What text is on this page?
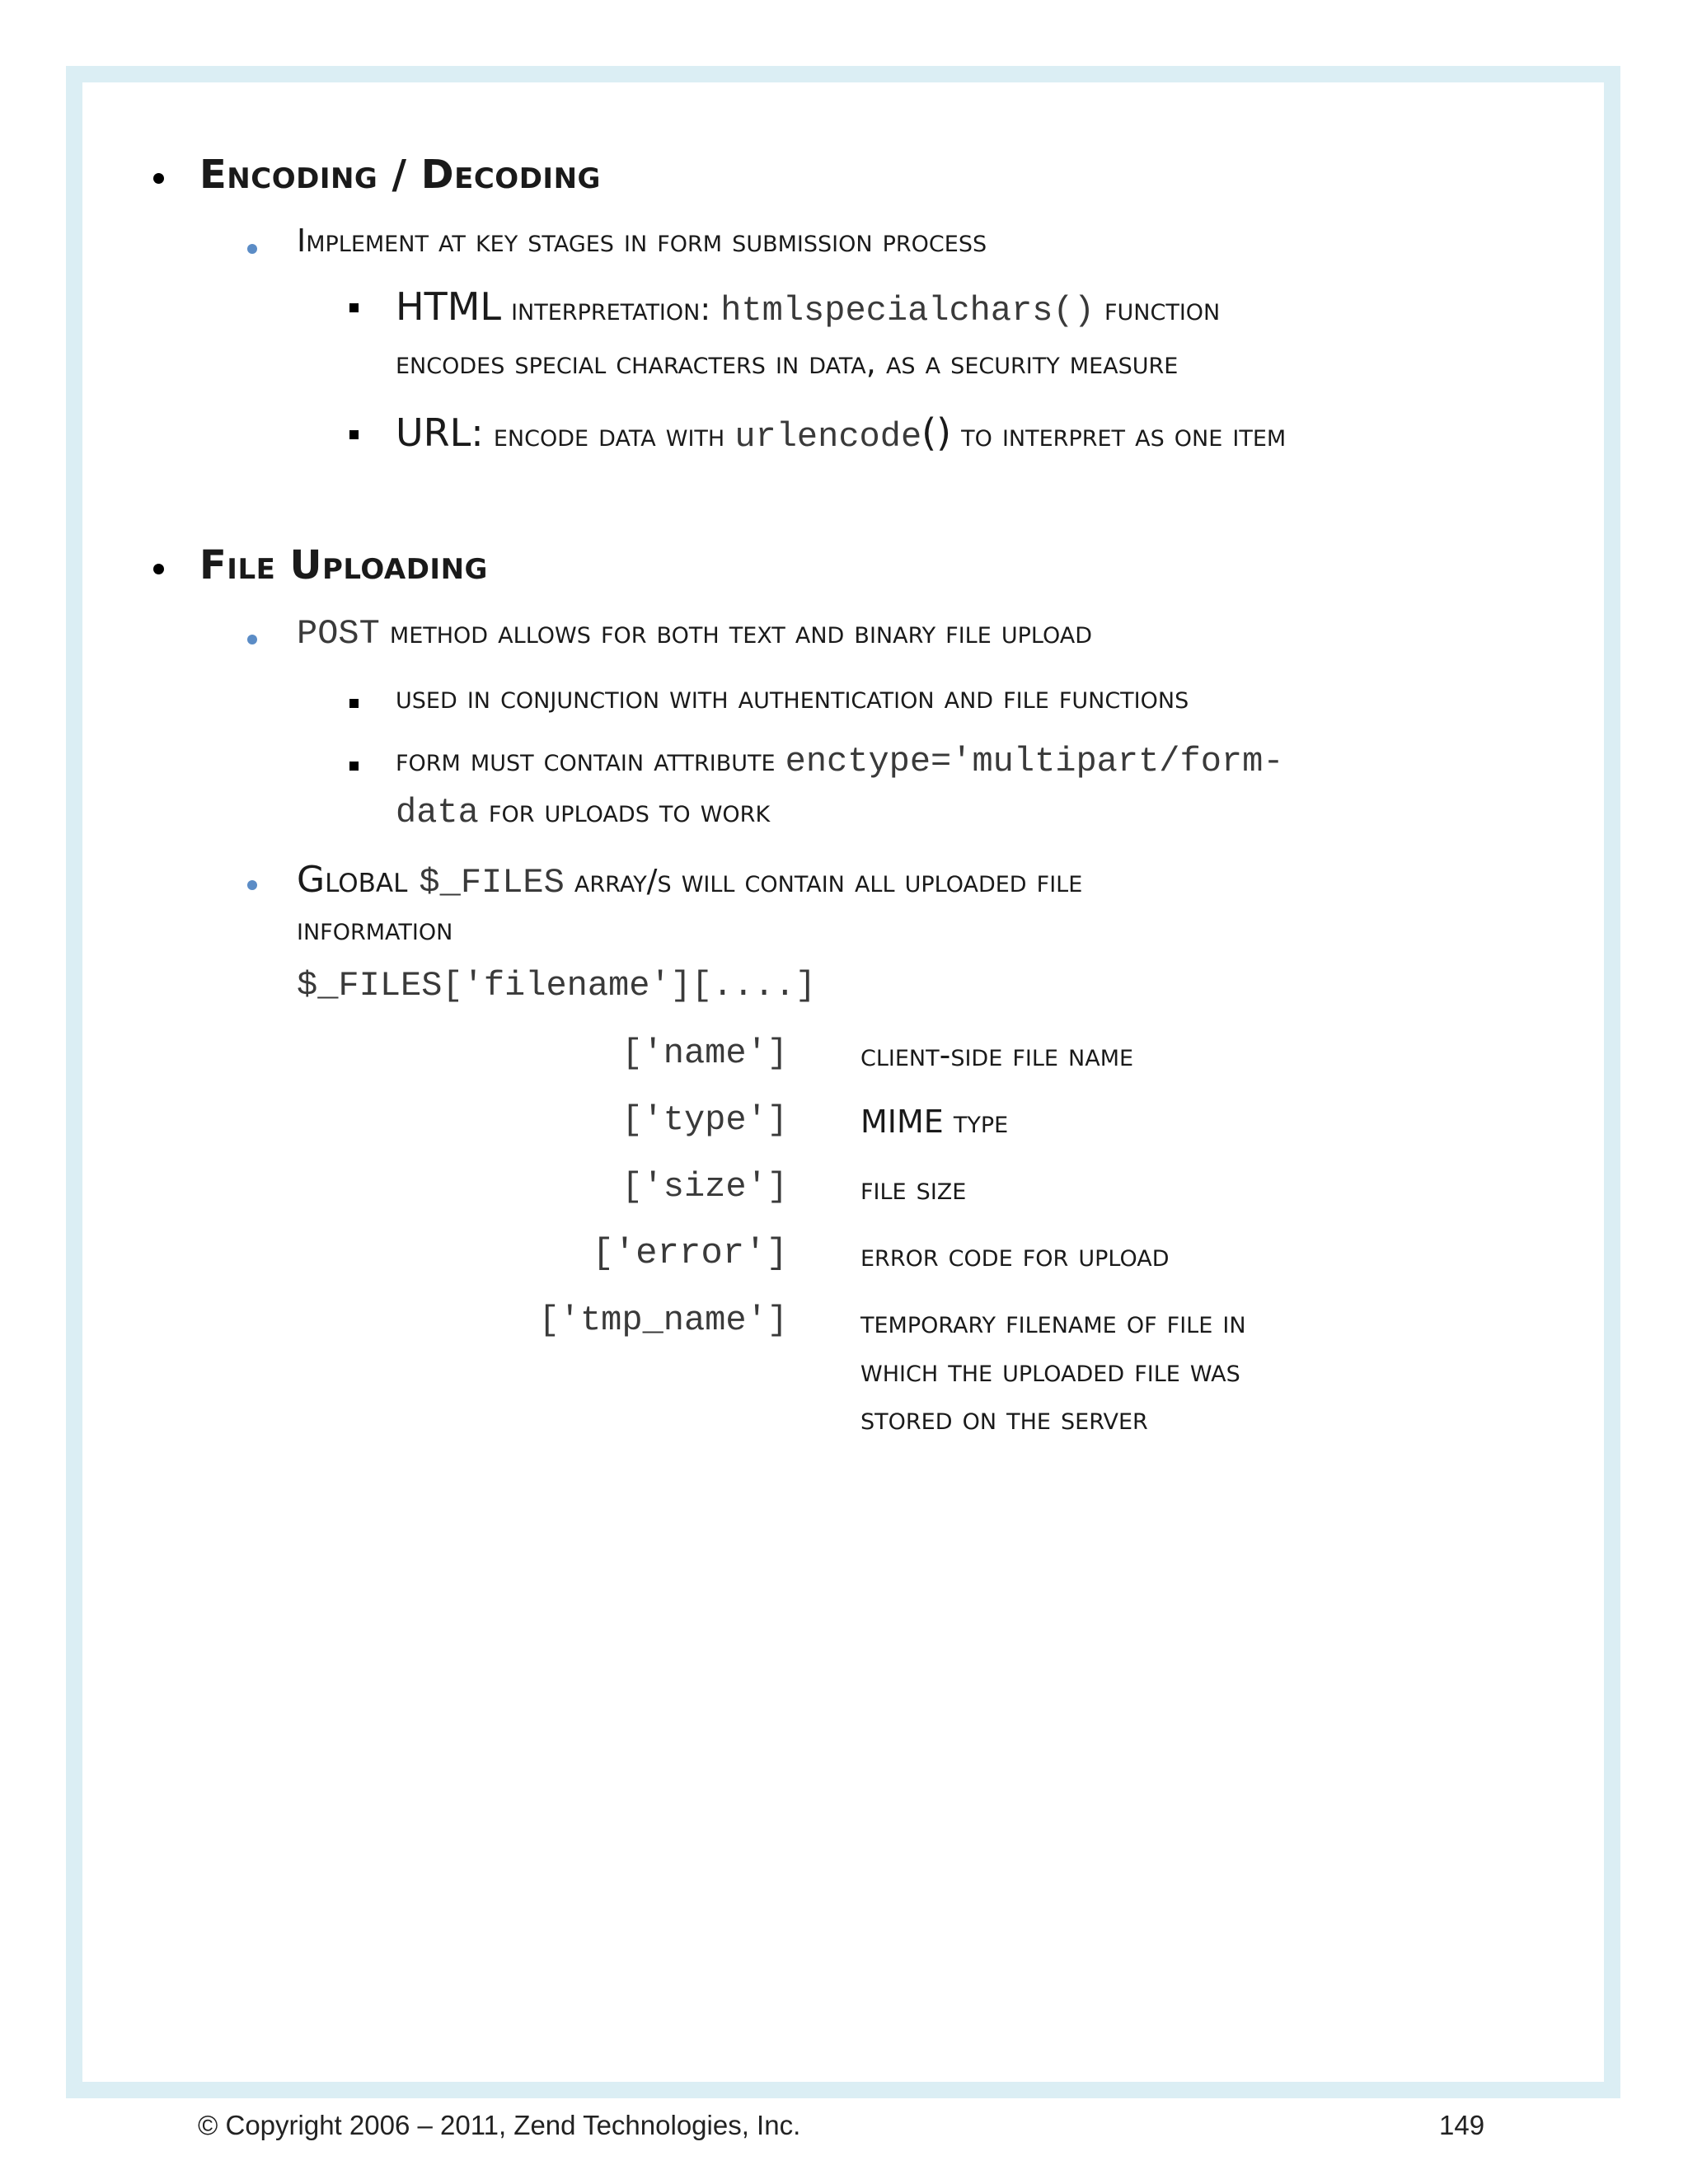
Encoding / Decoding
Implement at key stages in form submission process
HTML interpretation: htmlspecialchars() function
encodes special characters in data, as a security measure
URL: encode data with urlencode() to interpret as one item
File Uploading
POST method allows for both text and binary file upload
used in conjunction with authentication and file functions
form must contain attribute enctype='multipart/form-
data for uploads to work
Global $_FILES array/s will contain all uploaded file
information
$_FILES['filename'][....]
['name'] client-side file name
['type'] MIME type
['size'] file size
['error'] error code for upload
['tmp_name'] temporary filename of file in
which the uploaded file was
stored on the server
© Copyright 2006 – 2011, Zend Technologies, Inc.	149
